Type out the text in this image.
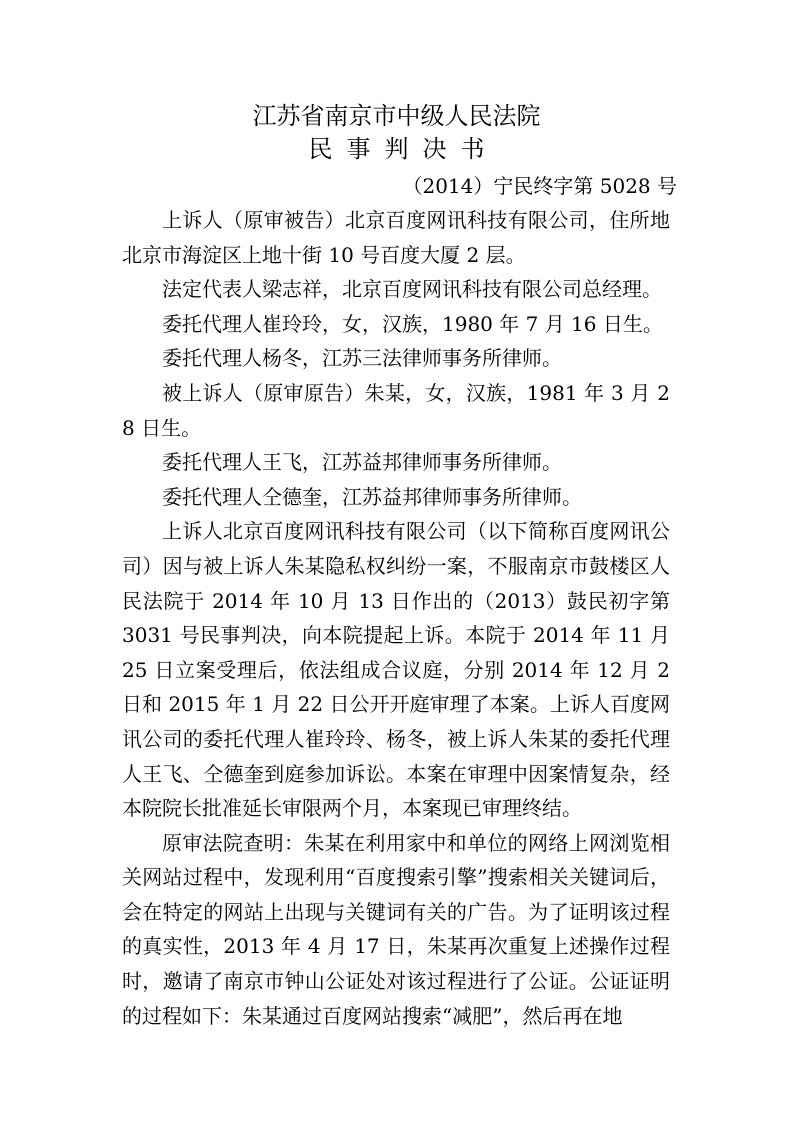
江苏省南京市中级人民法院
民事判决书
（2014）宁民终字第 5028 号

上诉人（原审被告）北京百度网讯科技有限公司，住所地北京市海淀区上地十街 10 号百度大厦 2 层。

法定代表人梁志祥，北京百度网讯科技有限公司总经理。

委托代理人崔玲玲，女，汉族，1980 年 7 月 16 日生。

委托代理人杨冬，江苏三法律师事务所律师。

被上诉人（原审原告）朱某，女，汉族，1981 年 3 月 28 日生。

委托代理人王飞，江苏益邦律师事务所律师。

委托代理人仝德奎，江苏益邦律师事务所律师。

上诉人北京百度网讯科技有限公司（以下简称百度网讯公司）因与被上诉人朱某隐私权纠纷一案，不服南京市鼓楼区人民法院于 2014 年 10 月 13 日作出的（2013）鼓民初字第 3031 号民事判决，向本院提起上诉。本院于 2014 年 11 月 25 日立案受理后，依法组成合议庭，分别 2014 年 12 月 2 日和 2015 年 1 月 22 日公开开庭审理了本案。上诉人百度网讯公司的委托代理人崔玲玲、杨冬，被上诉人朱某的委托代理人王飞、仝德奎到庭参加诉讼。本案在审理中因案情复杂，经本院院长批准延长审限两个月，本案现已审理终结。

原审法院查明：朱某在利用家中和单位的网络上网浏览相关网站过程中，发现利用“百度搜索引擎”搜索相关关键词后，会在特定的网站上出现与关键词有关的广告。为了证明该过程的真实性，2013 年 4 月 17 日，朱某再次重复上述操作过程时，邀请了南京市钟山公证处对该过程进行了公证。公证证明的过程如下：朱某通过百度网站搜索“减肥”，然后再在地
